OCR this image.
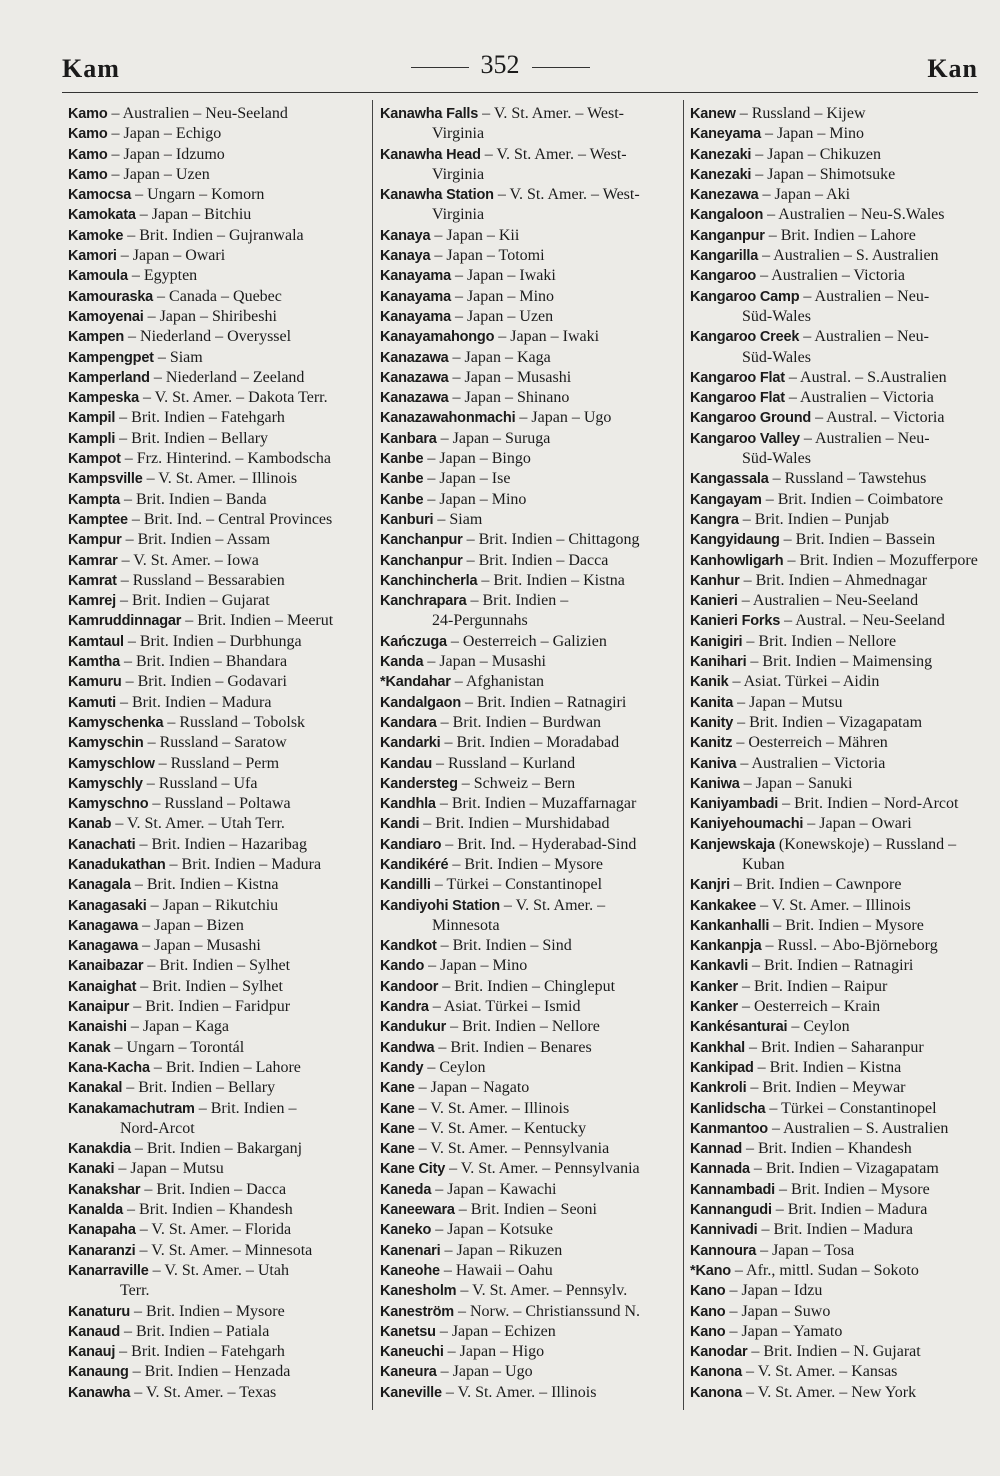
Kam	352	Kan
Kamo – Australien – Neu-Seeland
Kamo – Japan – Echigo
Kamo – Japan – Idzumo
Kamo – Japan – Uzen
Kamocsa – Ungarn – Komorn
Kamokata – Japan – Bitchiu
Kamoke – Brit. Indien – Gujranwala
Kamori – Japan – Owari
Kamoula – Egypten
Kamouraska – Canada – Quebec
Kamoyenai – Japan – Shiribeshi
Kampen – Niederland – Overyssel
Kampengpet – Siam
Kamperland – Niederland – Zeeland
Kampeska – V. St. Amer. – Dakota Terr.
Kampil – Brit. Indien – Fatehgarh
Kampli – Brit. Indien – Bellary
Kampot – Frz. Hinterind. – Kambodscha
Kampsville – V. St. Amer. – Illinois
Kampta – Brit. Indien – Banda
Kamptee – Brit. Ind. – Central Provinces
Kampur – Brit. Indien – Assam
Kamrar – V. St. Amer. – Iowa
Kamrat – Russland – Bessarabien
Kamrej – Brit. Indien – Gujarat
Kamruddinnagar – Brit. Indien – Meerut
Kamtaul – Brit. Indien – Durbhunga
Kamtha – Brit. Indien – Bhandara
Kamuru – Brit. Indien – Godavari
Kamuti – Brit. Indien – Madura
Kamyschenka – Russland – Tobolsk
Kamyschin – Russland – Saratow
Kamyschlow – Russland – Perm
Kamyschly – Russland – Ufa
Kamyschno – Russland – Poltawa
Kanab – V. St. Amer. – Utah Terr.
Kanachati – Brit. Indien – Hazaribag
Kanadukathan – Brit. Indien – Madura
Kanagala – Brit. Indien – Kistna
Kanagasaki – Japan – Rikutchiu
Kanagawa – Japan – Bizen
Kanagawa – Japan – Musashi
Kanaibazar – Brit. Indien – Sylhet
Kanaighat – Brit. Indien – Sylhet
Kanaipur – Brit. Indien – Faridpur
Kanaishi – Japan – Kaga
Kanak – Ungarn – Torontál
Kana-Kacha – Brit. Indien – Lahore
Kanakal – Brit. Indien – Bellary
Kanakamachutram – Brit. Indien –
Nord-Arcot
Kanakdia – Brit. Indien – Bakarganj
Kanaki – Japan – Mutsu
Kanakshar – Brit. Indien – Dacca
Kanalda – Brit. Indien – Khandesh
Kanapaha – V. St. Amer. – Florida
Kanaranzi – V. St. Amer. – Minnesota
Kanarraville – V. St. Amer. – Utah
Terr.
Kanaturu – Brit. Indien – Mysore
Kanaud – Brit. Indien – Patiala
Kanauj – Brit. Indien – Fatehgarh
Kanaung – Brit. Indien – Henzada
Kanawha – V. St. Amer. – Texas
Kanawha Falls – V. St. Amer. – West-
Virginia
Kanawha Head – V. St. Amer. – West-
Virginia
Kanawha Station – V. St. Amer. – West-
Virginia
Kanaya – Japan – Kii
Kanaya – Japan – Totomi
Kanayama – Japan – Iwaki
Kanayama – Japan – Mino
Kanayama – Japan – Uzen
Kanayamahongo – Japan – Iwaki
Kanazawa – Japan – Kaga
Kanazawa – Japan – Musashi
Kanazawa – Japan – Shinano
Kanazawahonmachi – Japan – Ugo
Kanbara – Japan – Suruga
Kanbe – Japan – Bingo
Kanbe – Japan – Ise
Kanbe – Japan – Mino
Kanburi – Siam
Kanchanpur – Brit. Indien – Chittagong
Kanchanpur – Brit. Indien – Dacca
Kanchincherla – Brit. Indien – Kistna
Kanchrapara – Brit. Indien –
24-Pergunnahs
Kańczuga – Oesterreich – Galizien
Kanda – Japan – Musashi
*Kandahar – Afghanistan
Kandalgaon – Brit. Indien – Ratnagiri
Kandara – Brit. Indien – Burdwan
Kandarki – Brit. Indien – Moradabad
Kandau – Russland – Kurland
Kandersteg – Schweiz – Bern
Kandhla – Brit. Indien – Muzaffarnagar
Kandi – Brit. Indien – Murshidabad
Kandiaro – Brit. Ind. – Hyderabad-Sind
Kandikéré – Brit. Indien – Mysore
Kandilli – Türkei – Constantinopel
Kandiyohi Station – V. St. Amer. –
Minnesota
Kandkot – Brit. Indien – Sind
Kando – Japan – Mino
Kandoor – Brit. Indien – Chingleput
Kandra – Asiat. Türkei – Ismid
Kandukur – Brit. Indien – Nellore
Kandwa – Brit. Indien – Benares
Kandy – Ceylon
Kane – Japan – Nagato
Kane – V. St. Amer. – Illinois
Kane – V. St. Amer. – Kentucky
Kane – V. St. Amer. – Pennsylvania
Kane City – V. St. Amer. – Pennsylvania
Kaneda – Japan – Kawachi
Kaneewara – Brit. Indien – Seoni
Kaneko – Japan – Kotsuke
Kanenari – Japan – Rikuzen
Kaneohe – Hawaii – Oahu
Kanesholm – V. St. Amer. – Pennsylv.
Kaneström – Norw. – Christianssund N.
Kanetsu – Japan – Echizen
Kaneuchi – Japan – Higo
Kaneura – Japan – Ugo
Kaneville – V. St. Amer. – Illinois
Kanew – Russland – Kijew
Kaneyama – Japan – Mino
Kanezaki – Japan – Chikuzen
Kanezaki – Japan – Shimotsuke
Kanezawa – Japan – Aki
Kangaloon – Australien – Neu-S.Wales
Kanganpur – Brit. Indien – Lahore
Kangarilla – Australien – S. Australien
Kangaroo – Australien – Victoria
Kangaroo Camp – Australien – Neu-
Süd-Wales
Kangaroo Creek – Australien – Neu-
Süd-Wales
Kangaroo Flat – Austral. – S.Australien
Kangaroo Flat – Australien – Victoria
Kangaroo Ground – Austral. – Victoria
Kangaroo Valley – Australien – Neu-
Süd-Wales
Kangassala – Russland – Tawstehus
Kangayam – Brit. Indien – Coimbatore
Kangra – Brit. Indien – Punjab
Kangyidaung – Brit. Indien – Bassein
Kanhowligarh – Brit. Indien – Mozufferpore
Kanhur – Brit. Indien – Ahmednagar
Kanieri – Australien – Neu-Seeland
Kanieri Forks – Austral. – Neu-Seeland
Kanigiri – Brit. Indien – Nellore
Kanihari – Brit. Indien – Maimensing
Kanik – Asiat. Türkei – Aidin
Kanita – Japan – Mutsu
Kanity – Brit. Indien – Vizagapatam
Kanitz – Oesterreich – Mähren
Kaniva – Australien – Victoria
Kaniwa – Japan – Sanuki
Kaniyambadi – Brit. Indien – Nord-Arcot
Kaniyehoumachi – Japan – Owari
Kanjewskaja (Konewskoje) – Russland –
Kuban
Kanjri – Brit. Indien – Cawnpore
Kankakee – V. St. Amer. – Illinois
Kankanhalli – Brit. Indien – Mysore
Kankanpja – Russl. – Abo-Björneborg
Kankavli – Brit. Indien – Ratnagiri
Kanker – Brit. Indien – Raipur
Kanker – Oesterreich – Krain
Kankésanturai – Ceylon
Kankhal – Brit. Indien – Saharanpur
Kankipad – Brit. Indien – Kistna
Kankroli – Brit. Indien – Meywar
Kanlidscha – Türkei – Constantinopel
Kanmantoo – Australien – S. Australien
Kannad – Brit. Indien – Khandesh
Kannada – Brit. Indien – Vizagapatam
Kannambadi – Brit. Indien – Mysore
Kannangudi – Brit. Indien – Madura
Kannivadi – Brit. Indien – Madura
Kannoura – Japan – Tosa
*Kano – Afr., mittl. Sudan – Sokoto
Kano – Japan – Idzu
Kano – Japan – Suwo
Kano – Japan – Yamato
Kanodar – Brit. Indien – N. Gujarat
Kanona – V. St. Amer. – Kansas
Kanona – V. St. Amer. – New York
